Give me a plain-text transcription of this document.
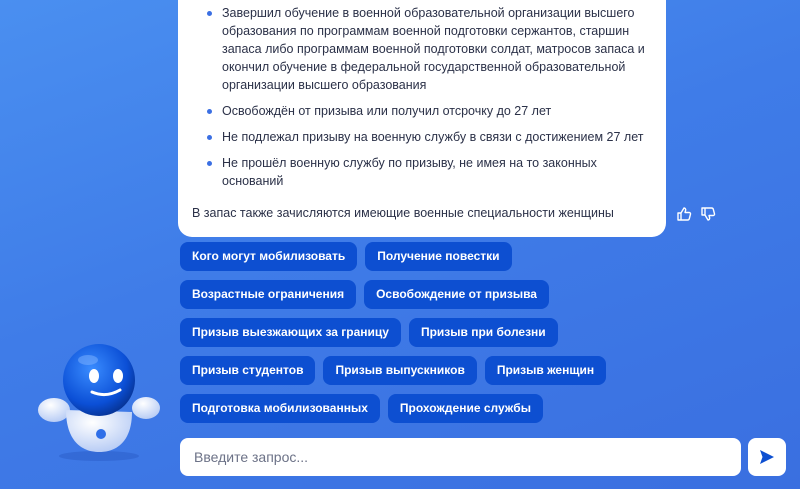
Завершил обучение в военной образовательной организации высшего образования по программам военной подготовки сержантов, старшин запаса либо программам военной подготовки солдат, матросов запаса и окончил обучение в федеральной государственной образовательной организации высшего образования
Освобождён от призыва или получил отсрочку до 27 лет
Не подлежал призыву на военную службу в связи с достижением 27 лет
Не прошёл военную службу по призыву, не имея на то законных оснований
В запас также зачисляются имеющие военные специальности женщины
Кого могут мобилизовать	Получение повестки
Возрастные ограничения	Освобождение от призыва
Призыв выезжающих за границу	Призыв при болезни
Призыв студентов	Призыв выпускников	Призыв женщин
Подготовка мобилизованных	Прохождение службы
Введите запрос...
